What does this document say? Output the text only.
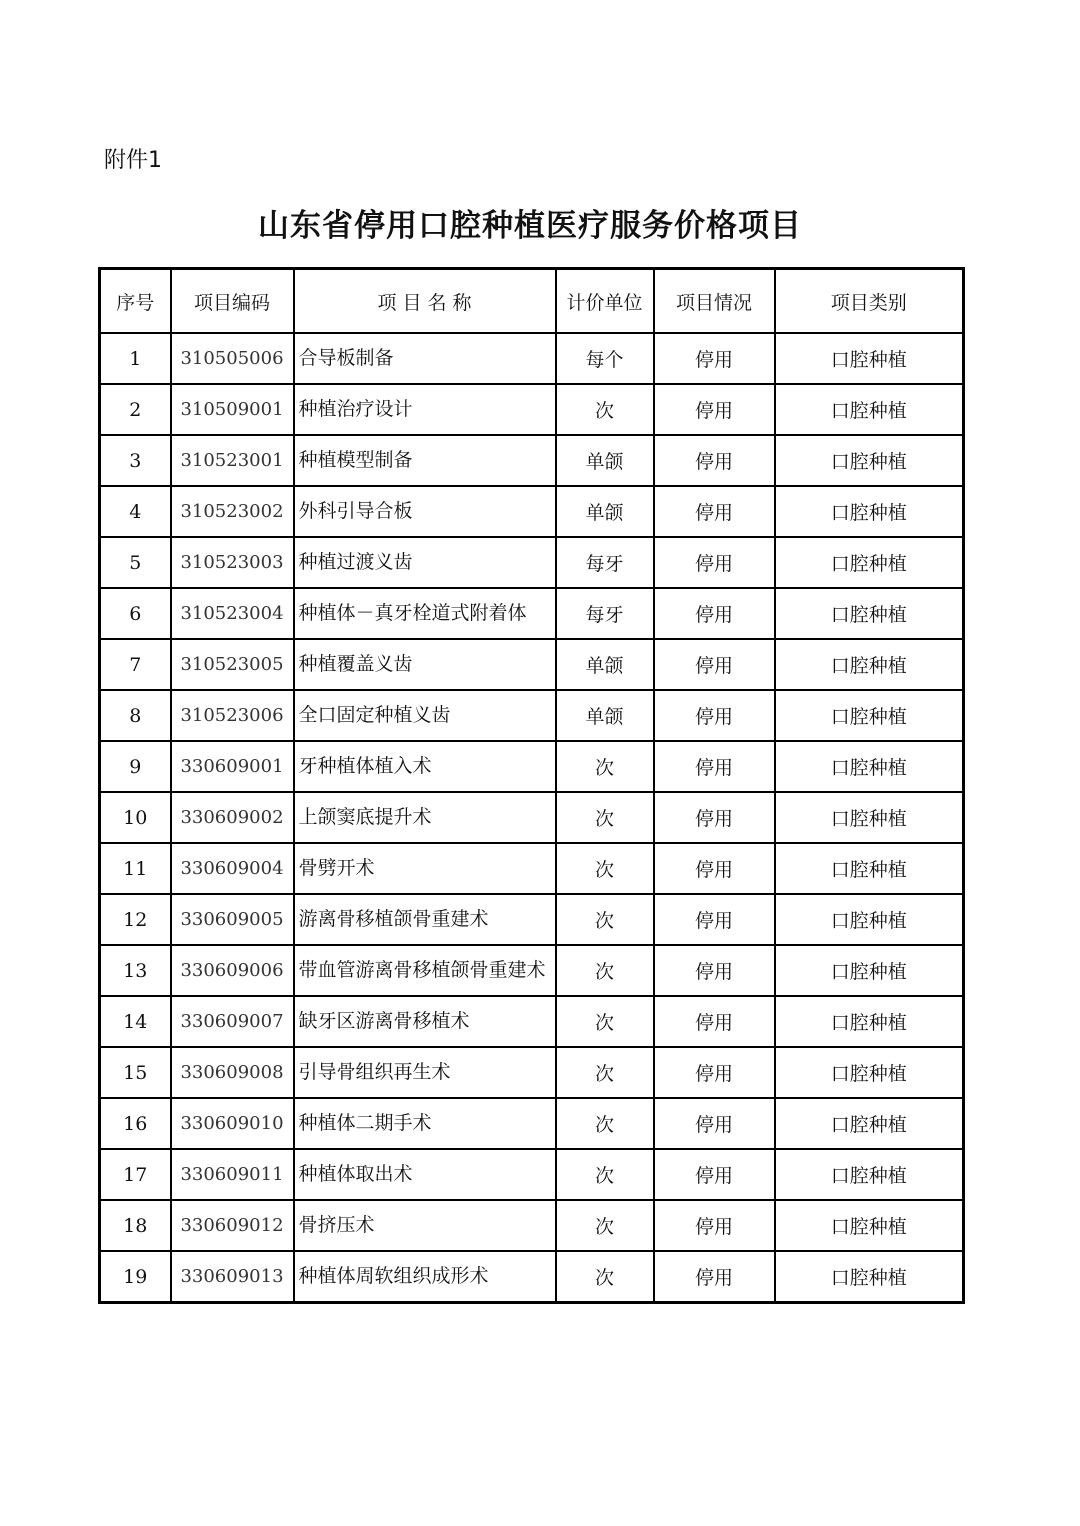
附件1
山东省停用口腔种植医疗服务价格项目
序号	项目编码	项 目 名 称	计价单位	项目情况	项目类别
1	310505006	合导板制备	每个	停用	口腔种植
2	310509001	种植治疗设计	次	停用	口腔种植
3	310523001	种植模型制备	单颌	停用	口腔种植
4	310523002	外科引导合板	单颌	停用	口腔种植
5	310523003	种植过渡义齿	每牙	停用	口腔种植
6	310523004	种植体－真牙栓道式附着体	每牙	停用	口腔种植
7	310523005	种植覆盖义齿	单颌	停用	口腔种植
8	310523006	全口固定种植义齿	单颌	停用	口腔种植
9	330609001	牙种植体植入术	次	停用	口腔种植
10	330609002	上颌窦底提升术	次	停用	口腔种植
11	330609004	骨劈开术	次	停用	口腔种植
12	330609005	游离骨移植颌骨重建术	次	停用	口腔种植
13	330609006	带血管游离骨移植颌骨重建术	次	停用	口腔种植
14	330609007	缺牙区游离骨移植术	次	停用	口腔种植
15	330609008	引导骨组织再生术	次	停用	口腔种植
16	330609010	种植体二期手术	次	停用	口腔种植
17	330609011	种植体取出术	次	停用	口腔种植
18	330609012	骨挤压术	次	停用	口腔种植
19	330609013	种植体周软组织成形术	次	停用	口腔种植
